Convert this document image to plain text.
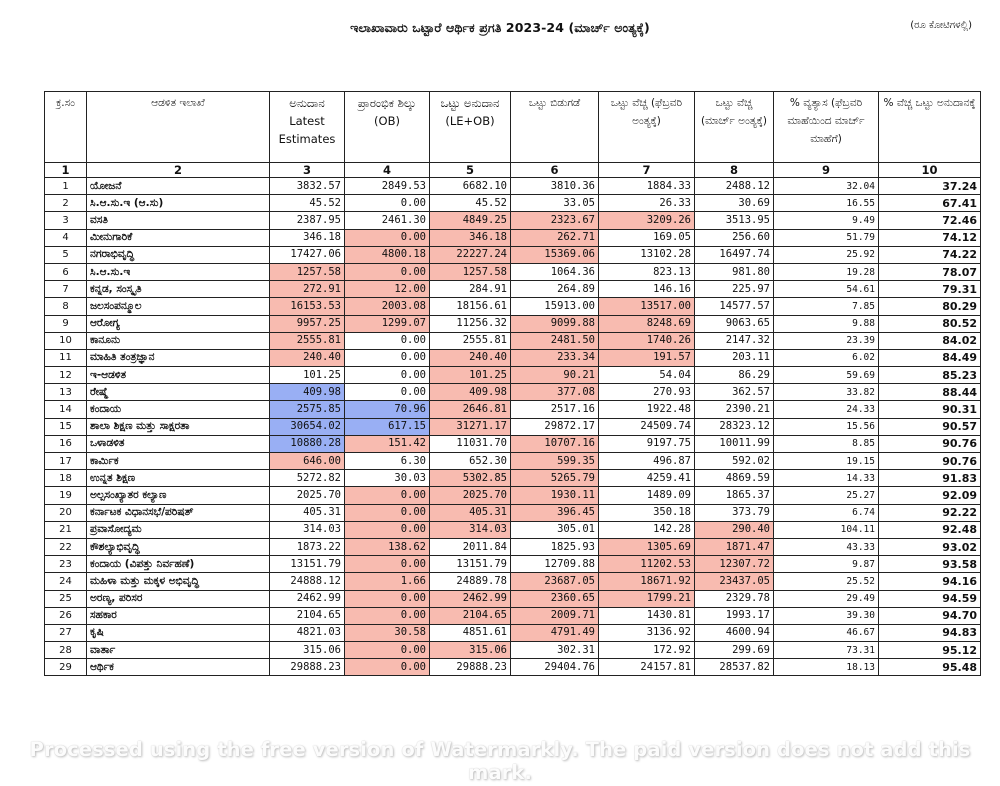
ಇಲಾಖಾವಾರು ಒಟ್ಟಾರೆ ಆರ್ಥಿಕ ಪ್ರಗತಿ 2023-24 (ಮಾರ್ಚ್ ಅಂತ್ಯಕ್ಕೆ)	(ರೂ ಕೋಟಿಗಳಲ್ಲಿ)
ಕ್ರ.ಸಂ	ಆಡಳಿತ ಇಲಾಖೆ	ಅನುದಾನ Latest Estimates	ಪ್ರಾರಂಭಿಕ ಶಿಲ್ಕು (OB)	ಒಟ್ಟು ಅನುದಾನ (LE+OB)	ಒಟ್ಟು ಬಿಡುಗಡೆ	ಒಟ್ಟು ವೆಚ್ಚ (ಫೆಬ್ರವರಿ ಅಂತ್ಯಕ್ಕೆ)	ಒಟ್ಟು ವೆಚ್ಚ (ಮಾರ್ಚ್ ಅಂತ್ಯಕ್ಕೆ)	% ವ್ಯತ್ಯಾಸ (ಫೆಬ್ರವರಿ ಮಾಹೆಯಿಂದ ಮಾರ್ಚ್ ಮಾಹೆಗೆ)	% ವೆಚ್ಚ ಒಟ್ಟು ಅನುದಾನಕ್ಕೆ
1	2	3	4	5	6	7	8	9	10
1	ಯೋಜನೆ	3832.57	2849.53	6682.10	3810.36	1884.33	2488.12	32.04	37.24
2	ಸಿ.ಆ.ಸು.ಇ (ಆ.ಸು)	45.52	0.00	45.52	33.05	26.33	30.69	16.55	67.41
3	ವಸತಿ	2387.95	2461.30	4849.25	2323.67	3209.26	3513.95	9.49	72.46
4	ಮೀನುಗಾರಿಕೆ	346.18	0.00	346.18	262.71	169.05	256.60	51.79	74.12
5	ನಗರಾಭಿವೃದ್ಧಿ	17427.06	4800.18	22227.24	15369.06	13102.28	16497.74	25.92	74.22
6	ಸಿ.ಆ.ಸು.ಇ	1257.58	0.00	1257.58	1064.36	823.13	981.80	19.28	78.07
7	ಕನ್ನಡ, ಸಂಸ್ಕೃತಿ	272.91	12.00	284.91	264.89	146.16	225.97	54.61	79.31
8	ಜಲಸಂಪನ್ಮೂಲ	16153.53	2003.08	18156.61	15913.00	13517.00	14577.57	7.85	80.29
9	ಆರೋಗ್ಯ	9957.25	1299.07	11256.32	9099.88	8248.69	9063.65	9.88	80.52
10	ಕಾನೂನು	2555.81	0.00	2555.81	2481.50	1740.26	2147.32	23.39	84.02
11	ಮಾಹಿತಿ ತಂತ್ರಜ್ಞಾನ	240.40	0.00	240.40	233.34	191.57	203.11	6.02	84.49
12	ಇ-ಆಡಳಿತ	101.25	0.00	101.25	90.21	54.04	86.29	59.69	85.23
13	ರೇಷ್ಮೆ	409.98	0.00	409.98	377.08	270.93	362.57	33.82	88.44
14	ಕಂದಾಯ	2575.85	70.96	2646.81	2517.16	1922.48	2390.21	24.33	90.31
15	ಶಾಲಾ ಶಿಕ್ಷಣ ಮತ್ತು ಸಾಕ್ಷರತಾ	30654.02	617.15	31271.17	29872.17	24509.74	28323.12	15.56	90.57
16	ಒಳಾಡಳಿತ	10880.28	151.42	11031.70	10707.16	9197.75	10011.99	8.85	90.76
17	ಕಾರ್ಮಿಕ	646.00	6.30	652.30	599.35	496.87	592.02	19.15	90.76
18	ಉನ್ನತ ಶಿಕ್ಷಣ	5272.82	30.03	5302.85	5265.79	4259.41	4869.59	14.33	91.83
19	ಅಲ್ಪಸಂಖ್ಯಾತರ ಕಲ್ಯಾಣ	2025.70	0.00	2025.70	1930.11	1489.09	1865.37	25.27	92.09
20	ಕರ್ನಾಟಕ ವಿಧಾನಸಭೆ/ಪರಿಷತ್	405.31	0.00	405.31	396.45	350.18	373.79	6.74	92.22
21	ಪ್ರವಾಸೋದ್ಯಮ	314.03	0.00	314.03	305.01	142.28	290.40	104.11	92.48
22	ಕೌಶಲ್ಯಾಭಿವೃದ್ಧಿ	1873.22	138.62	2011.84	1825.93	1305.69	1871.47	43.33	93.02
23	ಕಂದಾಯ (ವಿಪತ್ತು ನಿರ್ವಹಣೆ)	13151.79	0.00	13151.79	12709.88	11202.53	12307.72	9.87	93.58
24	ಮಹಿಳಾ ಮತ್ತು ಮಕ್ಕಳ ಅಭಿವೃದ್ಧಿ	24888.12	1.66	24889.78	23687.05	18671.92	23437.05	25.52	94.16
25	ಅರಣ್ಯ, ಪರಿಸರ	2462.99	0.00	2462.99	2360.65	1799.21	2329.78	29.49	94.59
26	ಸಹಕಾರ	2104.65	0.00	2104.65	2009.71	1430.81	1993.17	39.30	94.70
27	ಕೃಷಿ	4821.03	30.58	4851.61	4791.49	3136.92	4600.94	46.67	94.83
28	ವಾರ್ತಾ	315.06	0.00	315.06	302.31	172.92	299.69	73.31	95.12
29	ಆರ್ಥಿಕ	29888.23	0.00	29888.23	29404.76	24157.81	28537.82	18.13	95.48
Processed using the free version of Watermarkly. The paid version does not add this mark.
